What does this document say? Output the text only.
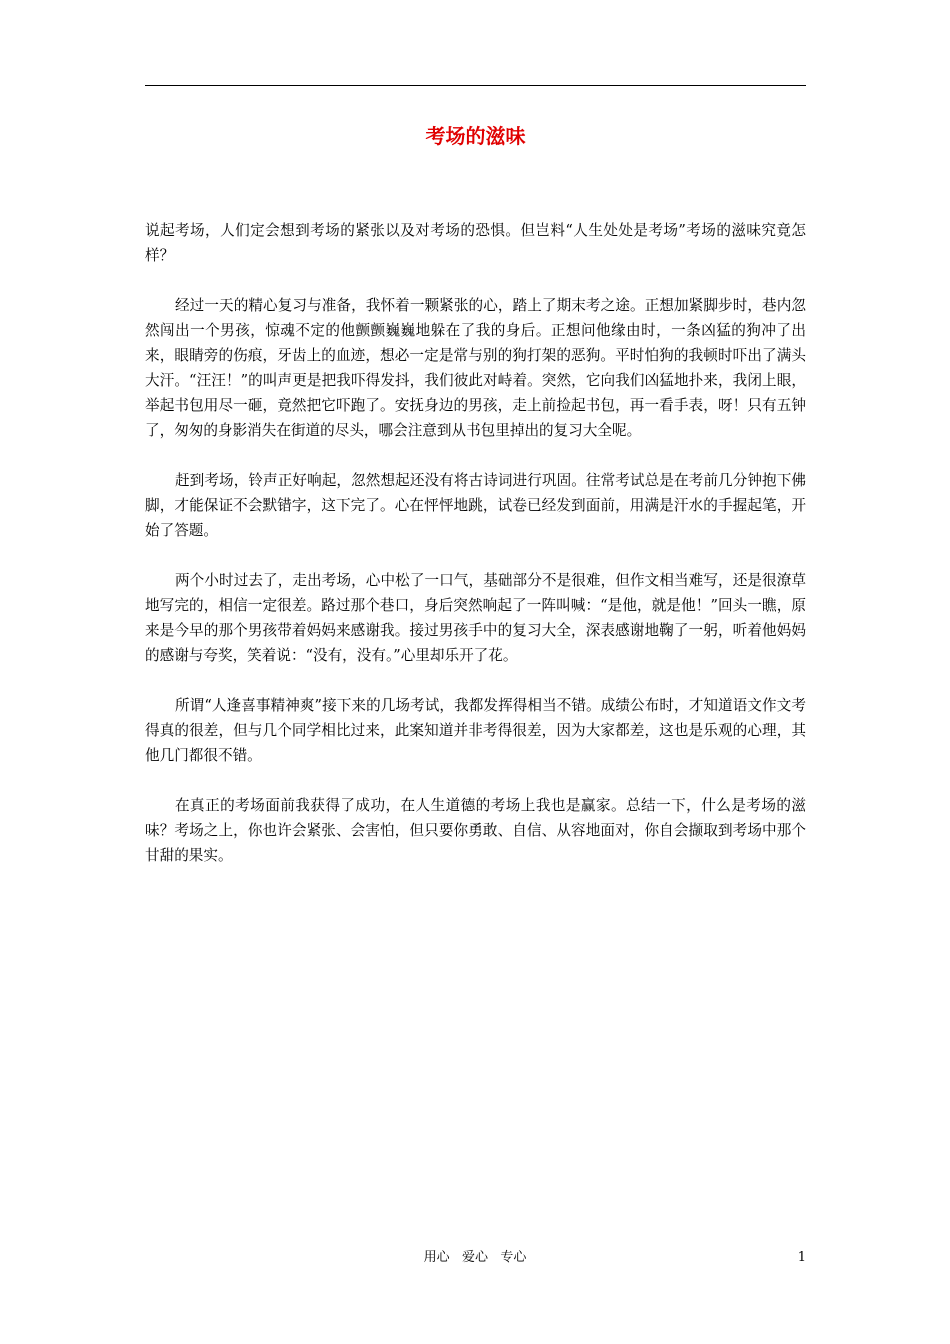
考场的滋味

说起考场，人们定会想到考场的紧张以及对考场的恐惧。但岂料“人生处处是考场”考场的滋味究竟怎样？

经过一天的精心复习与准备，我怀着一颗紧张的心，踏上了期末考之途。正想加紧脚步时，巷内忽然闯出一个男孩，惊魂不定的他颤颤巍巍地躲在了我的身后。正想问他缘由时，一条凶猛的狗冲了出来，眼睛旁的伤痕，牙齿上的血迹，想必一定是常与别的狗打架的恶狗。平时怕狗的我顿时吓出了满头大汗。“汪汪！”的叫声更是把我吓得发抖，我们彼此对峙着。突然，它向我们凶猛地扑来，我闭上眼，举起书包用尽一砸，竟然把它吓跑了。安抚身边的男孩，走上前捡起书包，再一看手表，呀！只有五钟了，匆匆的身影消失在街道的尽头，哪会注意到从书包里掉出的复习大全呢。

赶到考场，铃声正好响起，忽然想起还没有将古诗词进行巩固。往常考试总是在考前几分钟抱下佛脚，才能保证不会默错字，这下完了。心在怦怦地跳，试卷已经发到面前，用满是汗水的手握起笔，开始了答题。

两个小时过去了，走出考场，心中松了一口气，基础部分不是很难，但作文相当难写，还是很潦草地写完的，相信一定很差。路过那个巷口，身后突然响起了一阵叫喊：“是他，就是他！”回头一瞧，原来是今早的那个男孩带着妈妈来感谢我。接过男孩手中的复习大全，深表感谢地鞠了一躬，听着他妈妈的感谢与夸奖，笑着说：“没有，没有。”心里却乐开了花。

所谓“人逢喜事精神爽”接下来的几场考试，我都发挥得相当不错。成绩公布时，才知道语文作文考得真的很差，但与几个同学相比过来，此案知道并非考得很差，因为大家都差，这也是乐观的心理，其他几门都很不错。

在真正的考场面前我获得了成功，在人生道德的考场上我也是赢家。总结一下，什么是考场的滋味？考场之上，你也许会紧张、会害怕，但只要你勇敢、自信、从容地面对，你自会撷取到考场中那个甘甜的果实。

用心   爱心   专心	1
